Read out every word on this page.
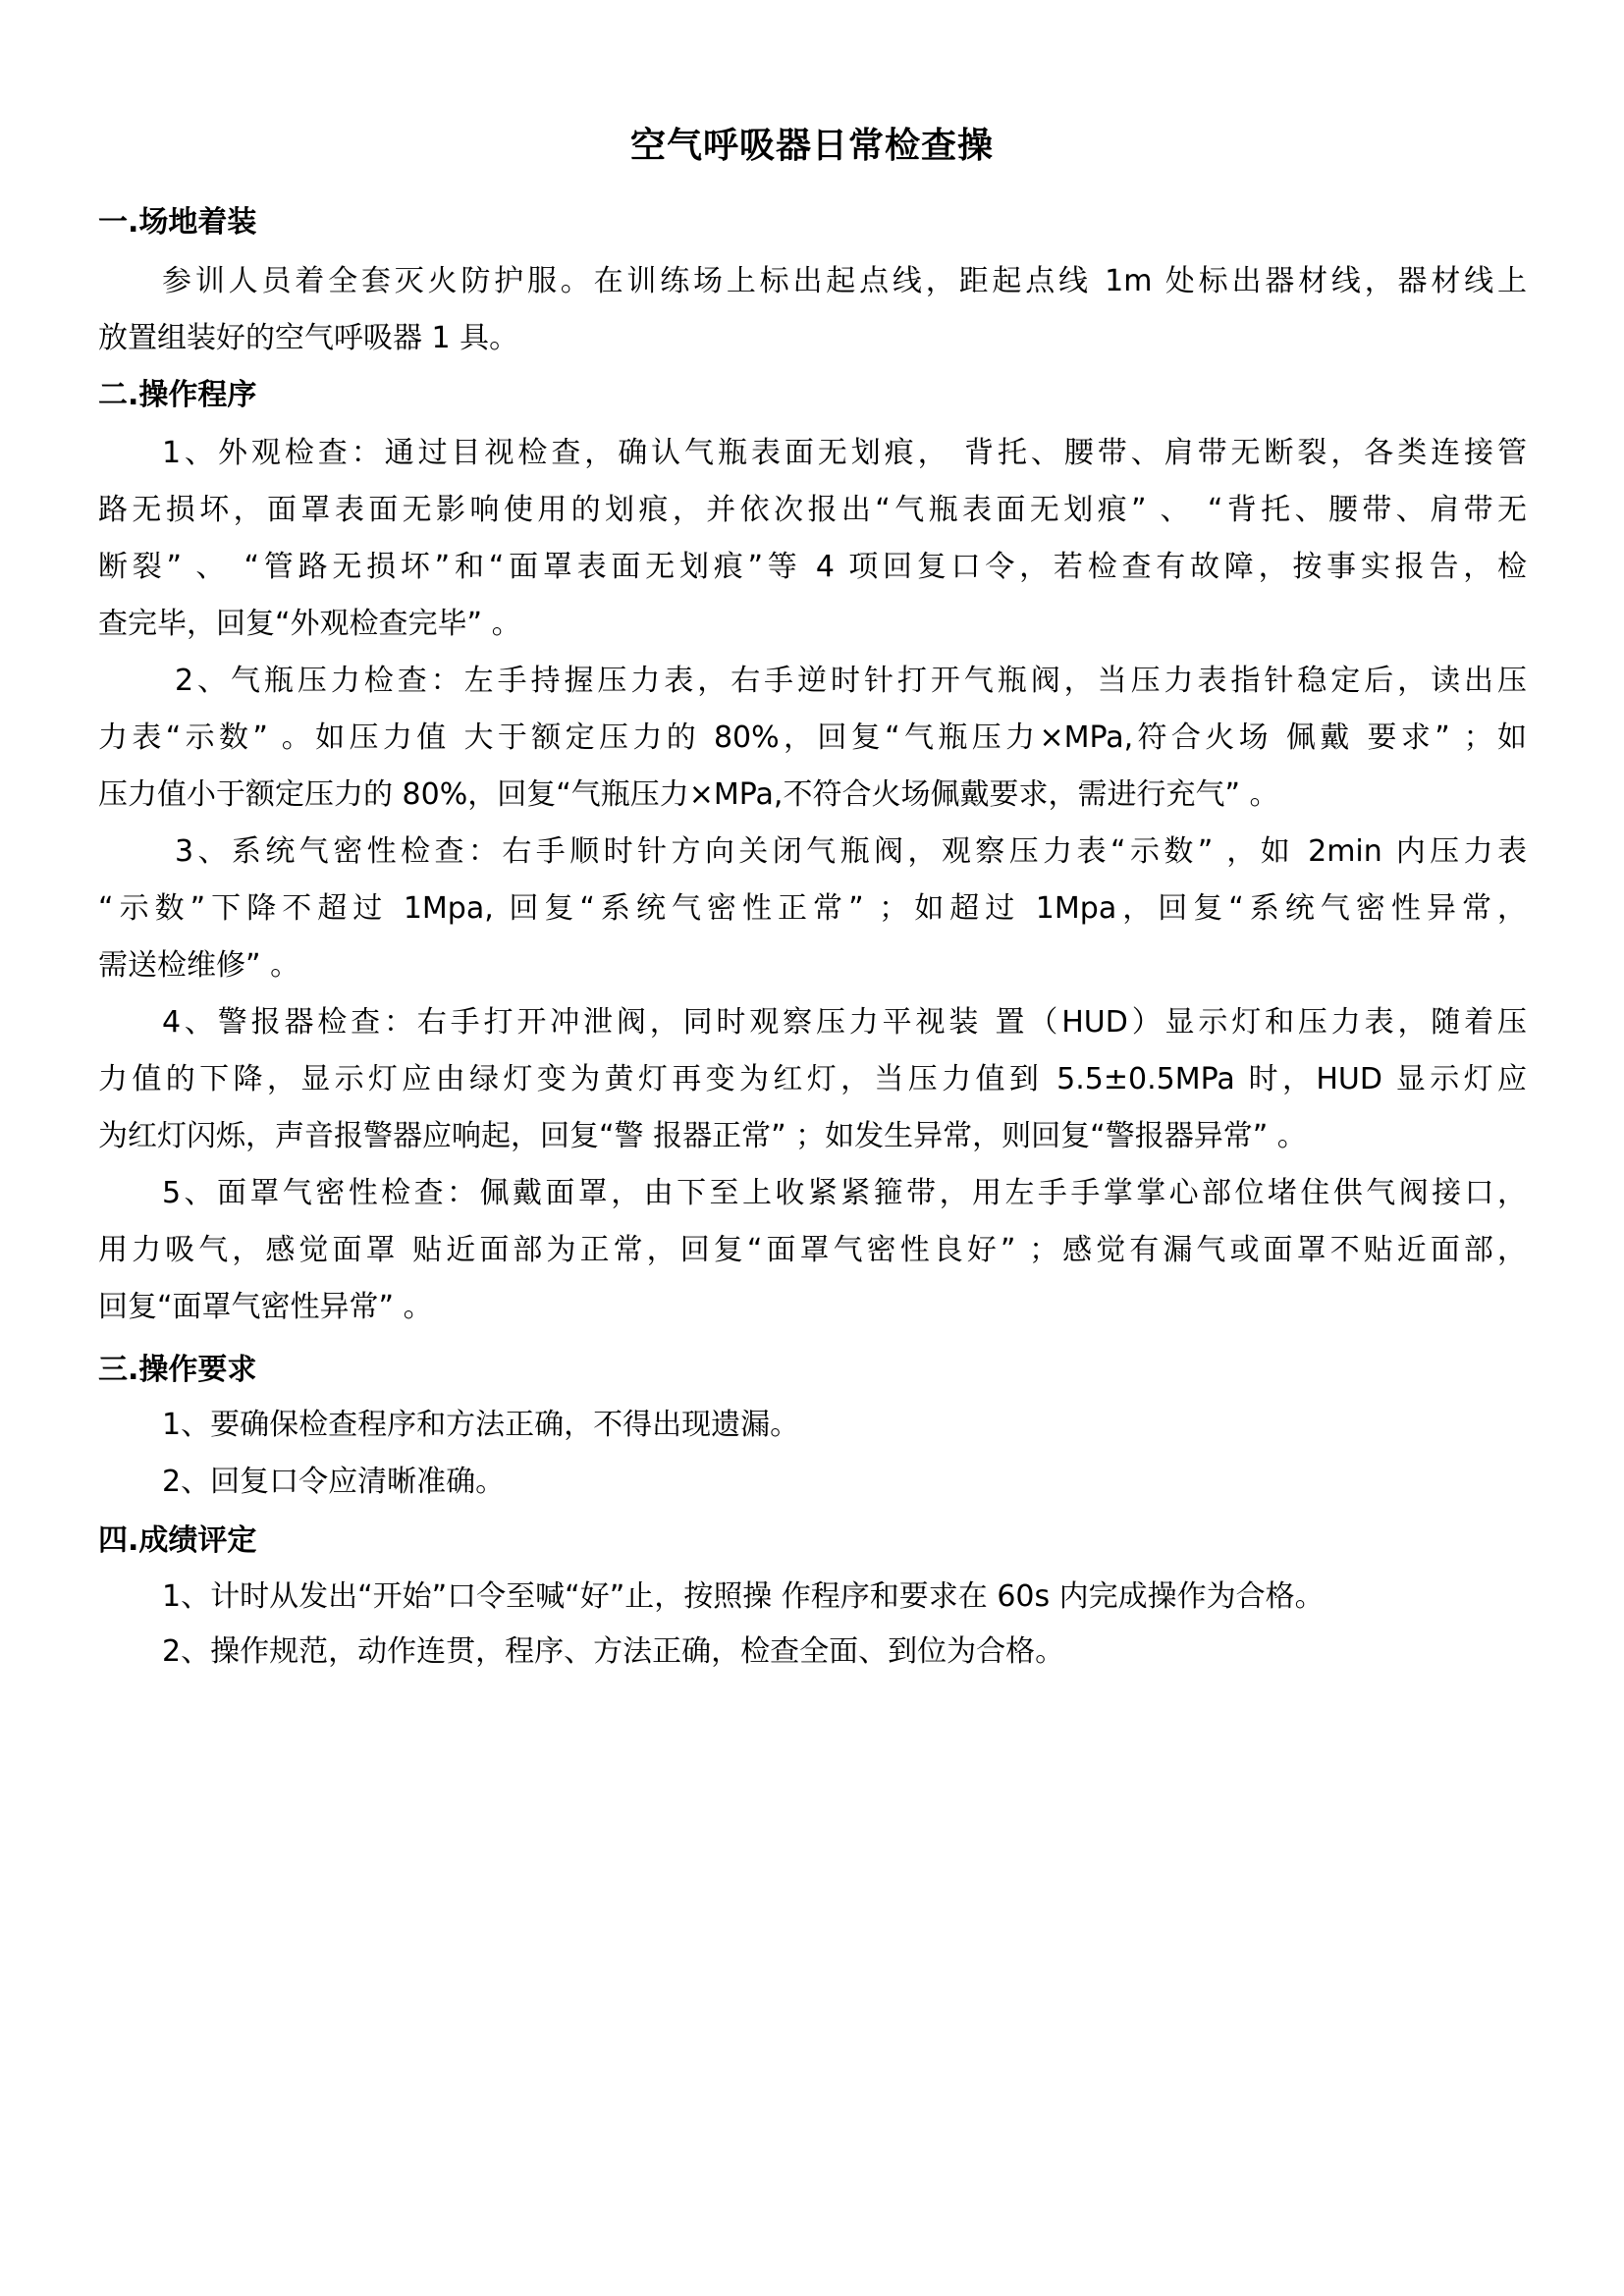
空气呼吸器日常检查操
一.场地着装
参训人员着全套灭火防护服。在训练场上标出起点线，距起点线 1m 处标出器材线，器材线上
放置组装好的空气呼吸器 1 具。
二.操作程序
1、外观检查：通过目视检查，确认气瓶表面无划痕， 背托、腰带、肩带无断裂，各类连接管
路无损坏，面罩表面无影响使用的划痕，并依次报出“气瓶表面无划痕” 、 “背托、腰带、肩带无
断裂” 、 “管路无损坏”和“面罩表面无划痕”等 4 项回复口令，若检查有故障，按事实报告，检
查完毕，回复“外观检查完毕” 。
2、气瓶压力检查：左手持握压力表，右手逆时针打开气瓶阀，当压力表指针稳定后，读出压
力表“示数” 。如压力值 大于额定压力的 80%，回复“气瓶压力×MPa,符合火场 佩戴 要求” ；如
压力值小于额定压力的 80%，回复“气瓶压力×MPa,不符合火场佩戴要求，需进行充气” 。
3、系统气密性检查：右手顺时针方向关闭气瓶阀，观察压力表“示数” ，如 2min 内压力表
“示数”下降不超过 1Mpa, 回复“系统气密性正常” ；如超过 1Mpa，回复“系统气密性异常，
需送检维修” 。
4、警报器检查：右手打开冲泄阀，同时观察压力平视装 置（HUD）显示灯和压力表，随着压
力值的下降，显示灯应由绿灯变为黄灯再变为红灯，当压力值到 5.5±0.5MPa 时，HUD 显示灯应
为红灯闪烁，声音报警器应响起，回复“警 报器正常” ；如发生异常，则回复“警报器异常” 。
5、面罩气密性检查：佩戴面罩，由下至上收紧紧箍带，用左手手掌掌心部位堵住供气阀接口，
用力吸气，感觉面罩 贴近面部为正常，回复“面罩气密性良好” ；感觉有漏气或面罩不贴近面部，
回复“面罩气密性异常” 。
三.操作要求
1、要确保检查程序和方法正确，不得出现遗漏。
2、回复口令应清晰准确。
四.成绩评定
1、计时从发出“开始”口令至喊“好”止，按照操 作程序和要求在 60s 内完成操作为合格。
2、操作规范，动作连贯，程序、方法正确，检查全面、到位为合格。
